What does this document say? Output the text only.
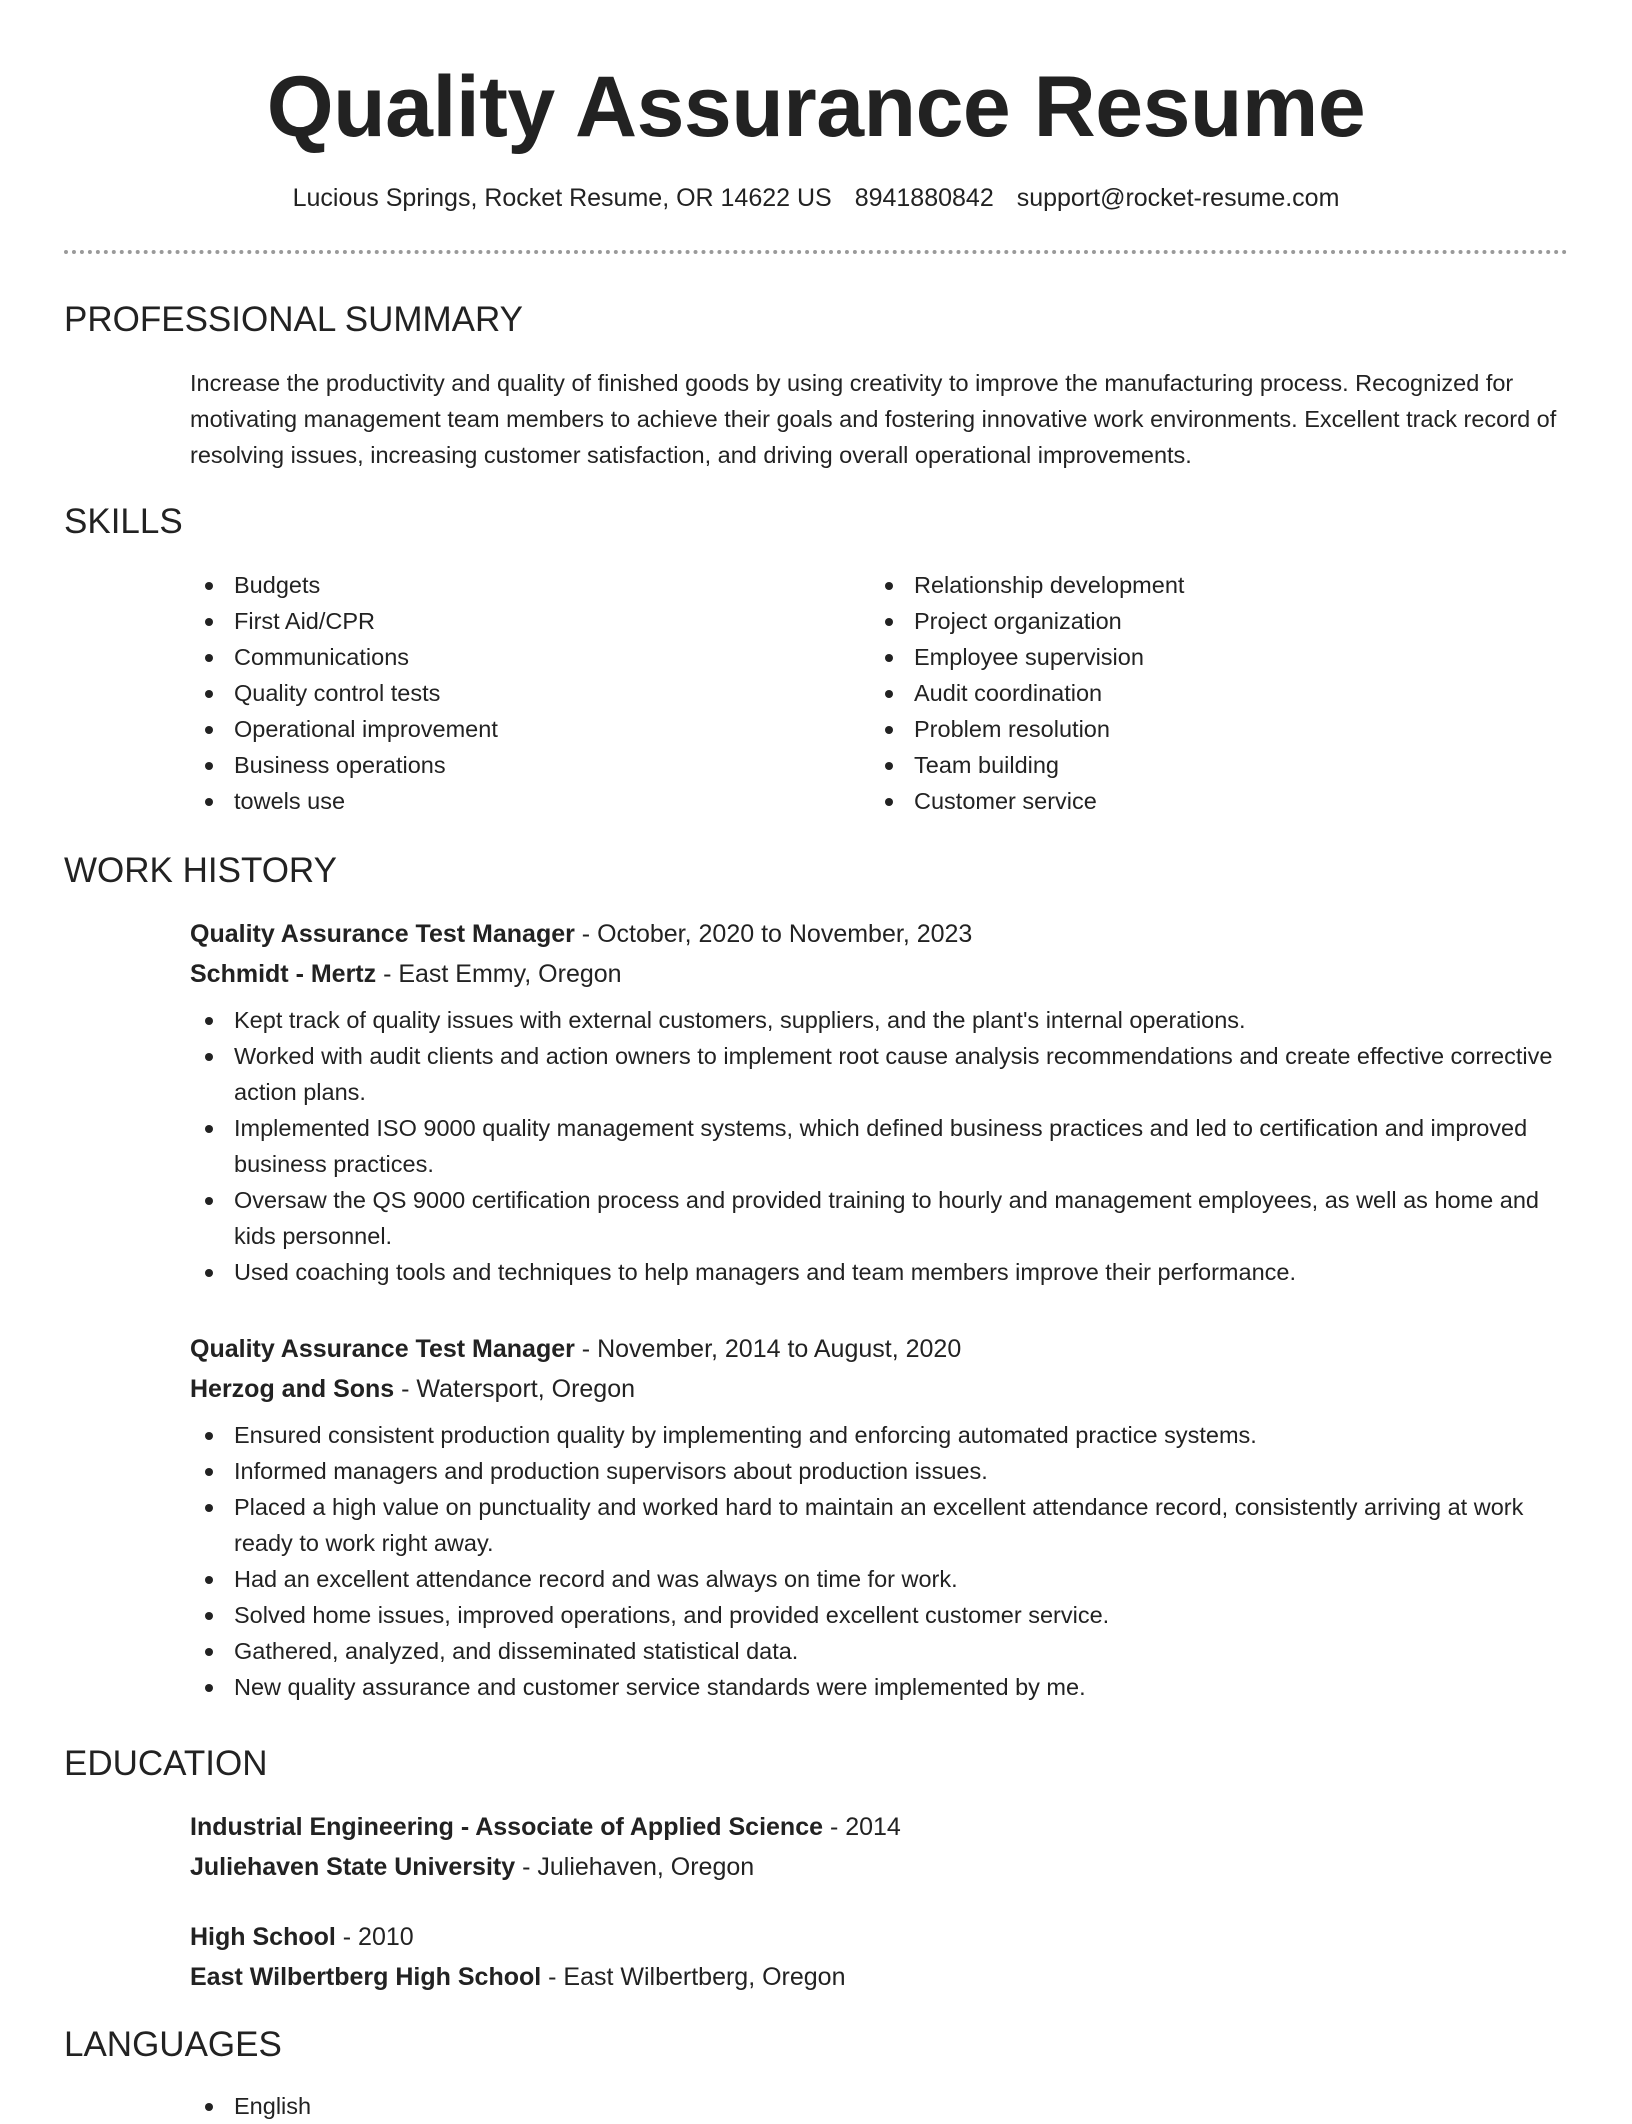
Quality Assurance Resume
Lucious Springs, Rocket Resume, OR 14622 US 8941880842 support@rocket-resume.com
PROFESSIONAL SUMMARY

Increase the productivity and quality of finished goods by using creativity to improve the manufacturing process. Recognized for motivating management team members to achieve their goals and fostering innovative work environments. Excellent track record of resolving issues, increasing customer satisfaction, and driving overall operational improvements.

SKILLS
Budgets
First Aid/CPR
Communications
Quality control tests
Operational improvement
Business operations
towels use
Relationship development
Project organization
Employee supervision
Audit coordination
Problem resolution
Team building
Customer service
WORK HISTORY
Quality Assurance Test Manager - October, 2020 to November, 2023
Schmidt - Mertz - East Emmy, Oregon
Kept track of quality issues with external customers, suppliers, and the plant's internal operations.
Worked with audit clients and action owners to implement root cause analysis recommendations and create effective corrective action plans.
Implemented ISO 9000 quality management systems, which defined business practices and led to certification and improved business practices.
Oversaw the QS 9000 certification process and provided training to hourly and management employees, as well as home and kids personnel.
Used coaching tools and techniques to help managers and team members improve their performance.
Quality Assurance Test Manager - November, 2014 to August, 2020
Herzog and Sons - Watersport, Oregon
Ensured consistent production quality by implementing and enforcing automated practice systems.
Informed managers and production supervisors about production issues.
Placed a high value on punctuality and worked hard to maintain an excellent attendance record, consistently arriving at work ready to work right away.
Had an excellent attendance record and was always on time for work.
Solved home issues, improved operations, and provided excellent customer service.
Gathered, analyzed, and disseminated statistical data.
New quality assurance and customer service standards were implemented by me.
EDUCATION
Industrial Engineering - Associate of Applied Science - 2014
Juliehaven State University - Juliehaven, Oregon
High School - 2010
East Wilbertberg High School - East Wilbertberg, Oregon
LANGUAGES
English
